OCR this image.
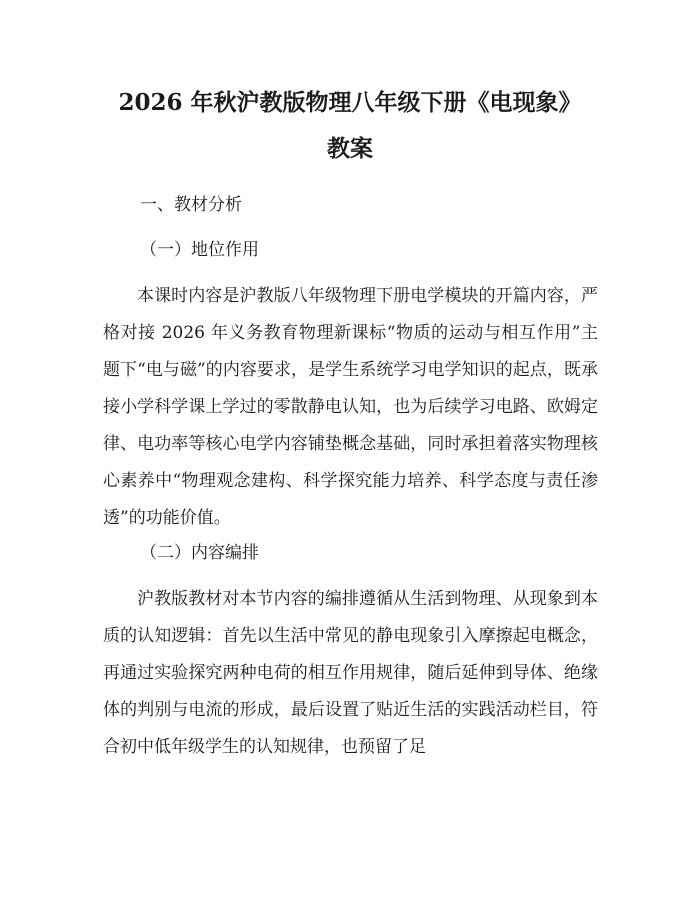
2026 年秋沪教版物理八年级下册《电现象》
教案
一、教材分析
（一）地位作用

本课时内容是沪教版八年级物理下册电学模块的开篇内容，严格对接 2026 年义务教育物理新课标“物质的运动与相互作用”主题下“电与磁”的内容要求，是学生系统学习电学知识的起点，既承接小学科学课上学过的零散静电认知，也为后续学习电路、欧姆定律、电功率等核心电学内容铺垫概念基础，同时承担着落实物理核心素养中“物理观念建构、科学探究能力培养、科学态度与责任渗透”的功能价值。

（二）内容编排

沪教版教材对本节内容的编排遵循从生活到物理、从现象到本质的认知逻辑：首先以生活中常见的静电现象引入摩擦起电概念，再通过实验探究两种电荷的相互作用规律，随后延伸到导体、绝缘体的判别与电流的形成，最后设置了贴近生活的实践活动栏目，符合初中低年级学生的认知规律，也预留了足
